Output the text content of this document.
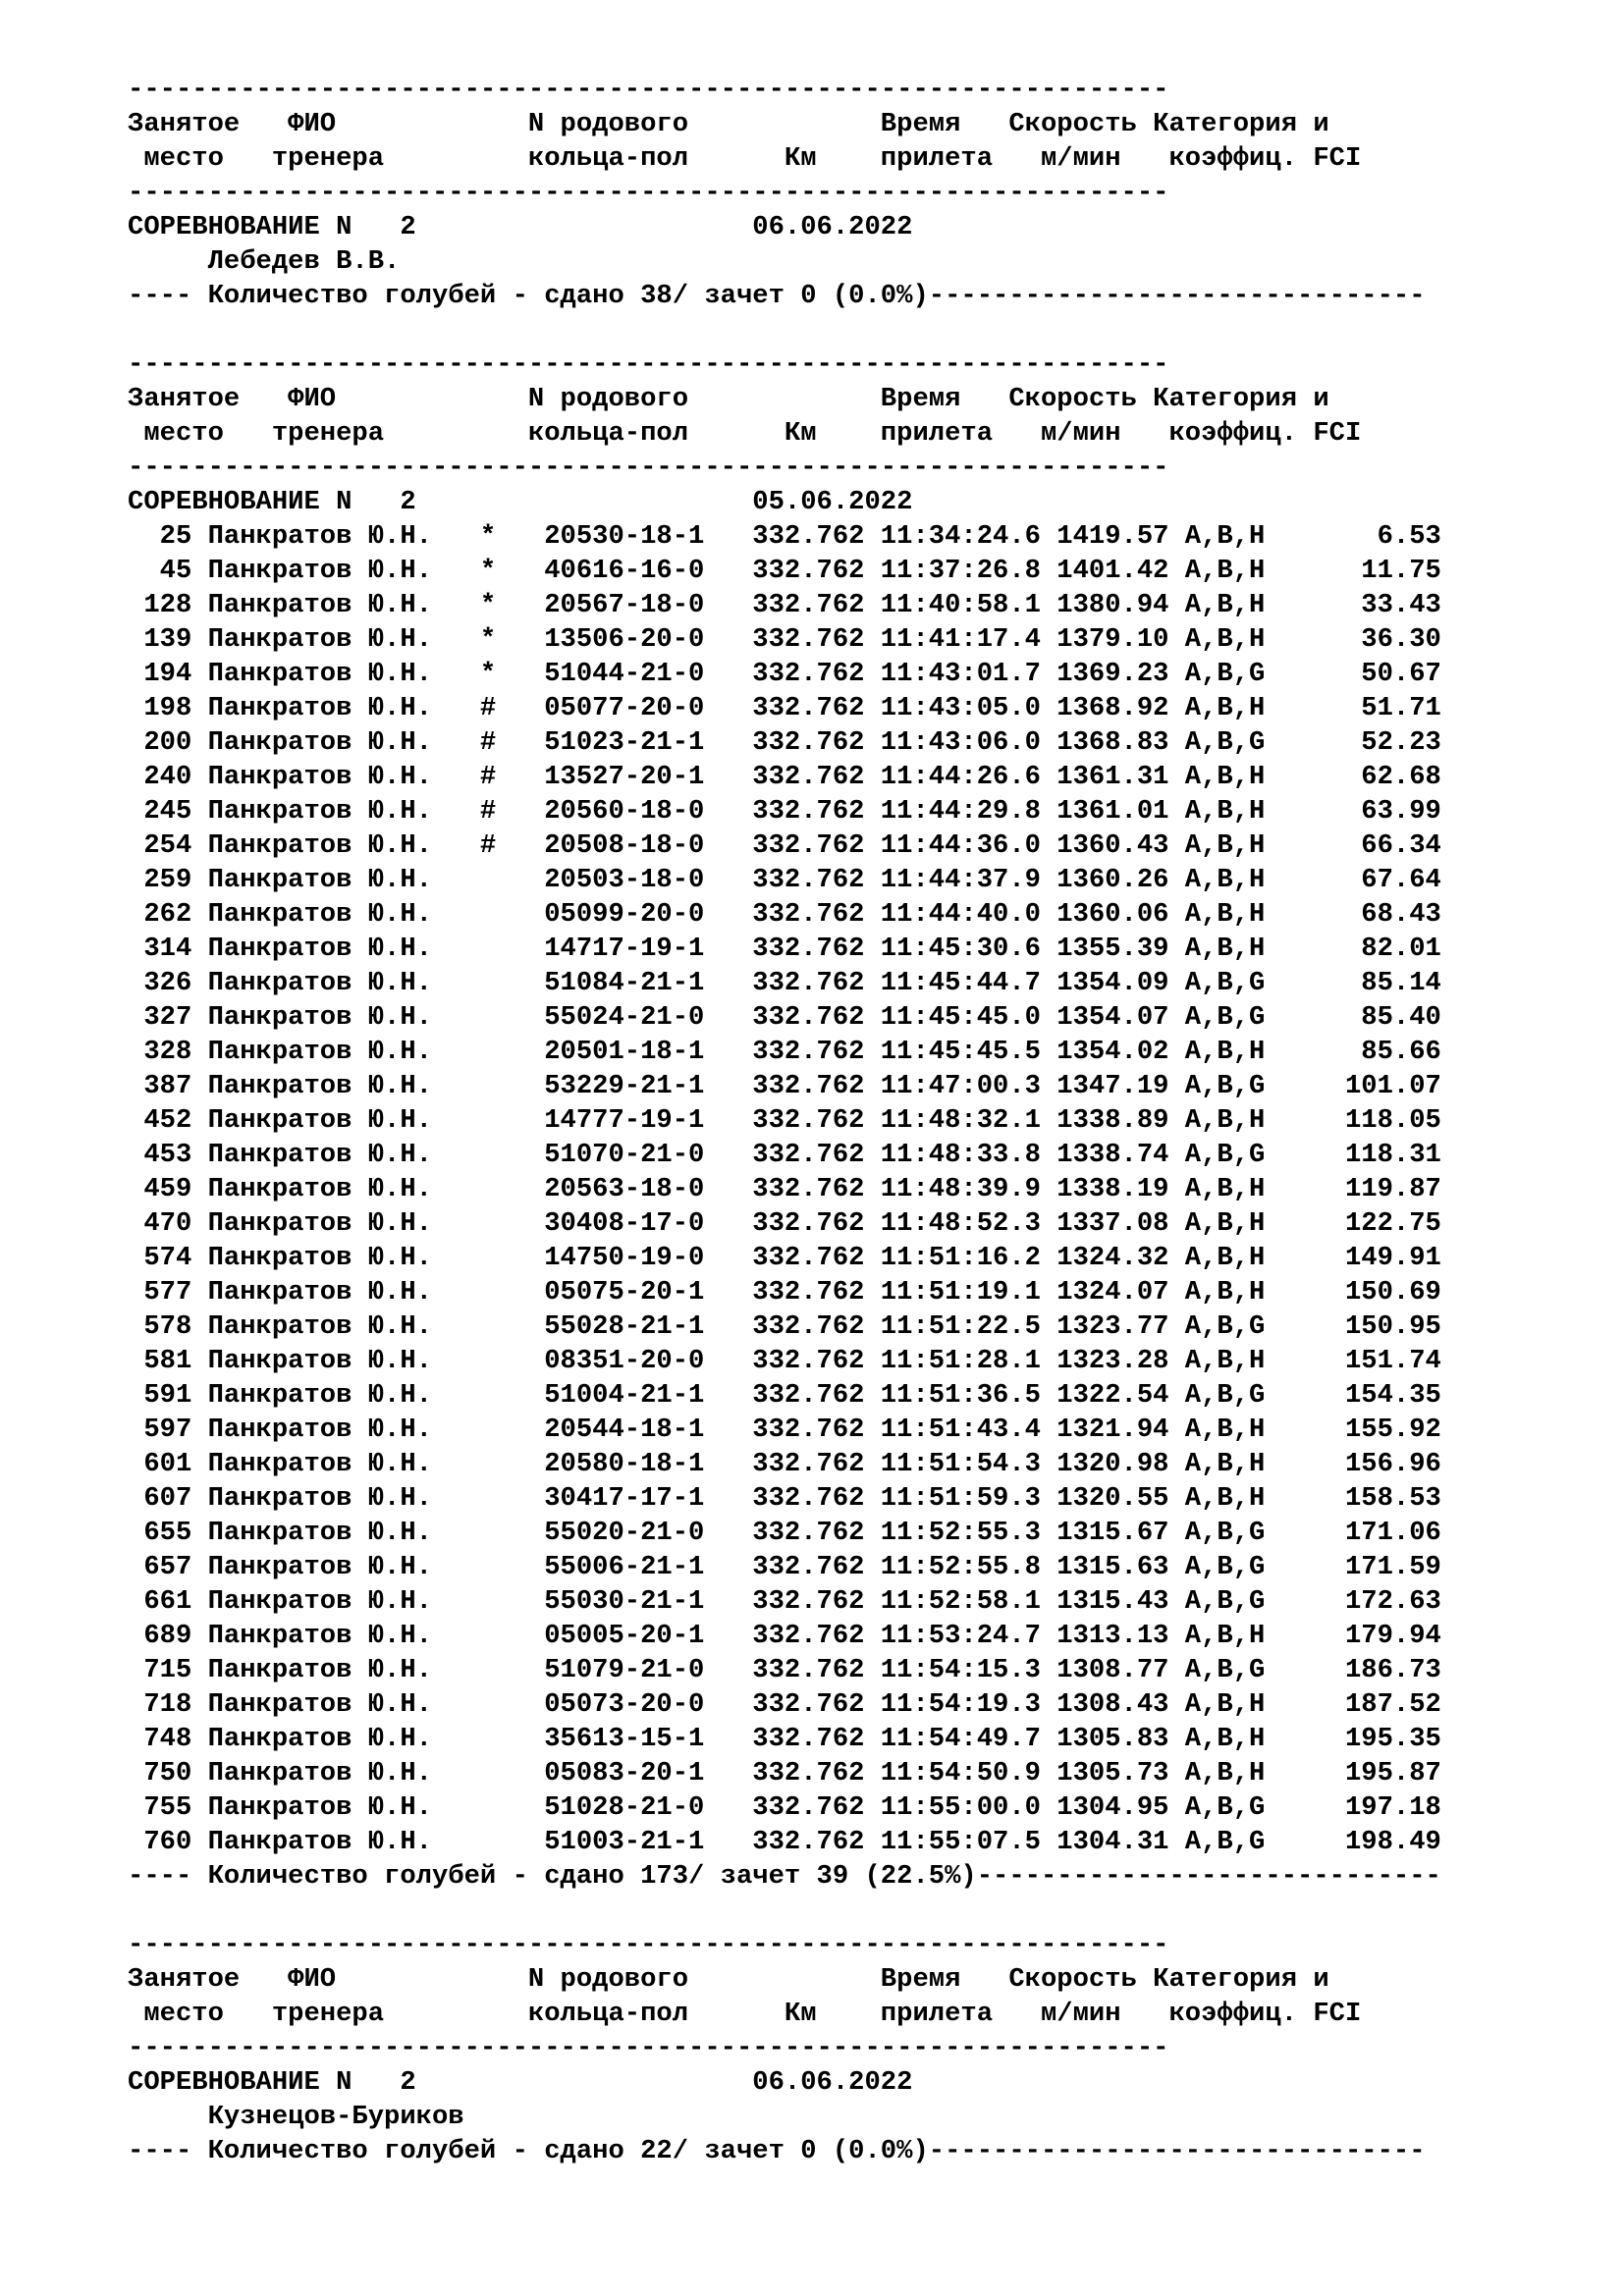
-----------------------------------------------------------------
Занятое   ФИО            N родового            Время   Скорость Категория и
место   тренера         кольца-пол      Км    прилета   м/мин   коэффиц. FCI
-----------------------------------------------------------------
СОРЕВНОВАНИЕ N   2                     06.06.2022
Лебедев В.В.
---- Количество голубей - сдано 38/ зачет 0 (0.0%)-------------------------------
-----------------------------------------------------------------
Занятое   ФИО            N родового            Время   Скорость Категория и
место   тренера         кольца-пол      Км    прилета   м/мин   коэффиц. FCI
-----------------------------------------------------------------
СОРЕВНОВАНИЕ N   2                     05.06.2022
25 Панкратов Ю.Н.   *   20530-18-1   332.762 11:34:24.6 1419.57 A,B,H       6.53
45 Панкратов Ю.Н.   *   40616-16-0   332.762 11:37:26.8 1401.42 A,B,H      11.75
128 Панкратов Ю.Н.   *   20567-18-0   332.762 11:40:58.1 1380.94 A,B,H      33.43
139 Панкратов Ю.Н.   *   13506-20-0   332.762 11:41:17.4 1379.10 A,B,H      36.30
194 Панкратов Ю.Н.   *   51044-21-0   332.762 11:43:01.7 1369.23 A,B,G      50.67
198 Панкратов Ю.Н.   #   05077-20-0   332.762 11:43:05.0 1368.92 A,B,H      51.71
200 Панкратов Ю.Н.   #   51023-21-1   332.762 11:43:06.0 1368.83 A,B,G      52.23
240 Панкратов Ю.Н.   #   13527-20-1   332.762 11:44:26.6 1361.31 A,B,H      62.68
245 Панкратов Ю.Н.   #   20560-18-0   332.762 11:44:29.8 1361.01 A,B,H      63.99
254 Панкратов Ю.Н.   #   20508-18-0   332.762 11:44:36.0 1360.43 A,B,H      66.34
259 Панкратов Ю.Н.       20503-18-0   332.762 11:44:37.9 1360.26 A,B,H      67.64
262 Панкратов Ю.Н.       05099-20-0   332.762 11:44:40.0 1360.06 A,B,H      68.43
314 Панкратов Ю.Н.       14717-19-1   332.762 11:45:30.6 1355.39 A,B,H      82.01
326 Панкратов Ю.Н.       51084-21-1   332.762 11:45:44.7 1354.09 A,B,G      85.14
327 Панкратов Ю.Н.       55024-21-0   332.762 11:45:45.0 1354.07 A,B,G      85.40
328 Панкратов Ю.Н.       20501-18-1   332.762 11:45:45.5 1354.02 A,B,H      85.66
387 Панкратов Ю.Н.       53229-21-1   332.762 11:47:00.3 1347.19 A,B,G     101.07
452 Панкратов Ю.Н.       14777-19-1   332.762 11:48:32.1 1338.89 A,B,H     118.05
453 Панкратов Ю.Н.       51070-21-0   332.762 11:48:33.8 1338.74 A,B,G     118.31
459 Панкратов Ю.Н.       20563-18-0   332.762 11:48:39.9 1338.19 A,B,H     119.87
470 Панкратов Ю.Н.       30408-17-0   332.762 11:48:52.3 1337.08 A,B,H     122.75
574 Панкратов Ю.Н.       14750-19-0   332.762 11:51:16.2 1324.32 A,B,H     149.91
577 Панкратов Ю.Н.       05075-20-1   332.762 11:51:19.1 1324.07 A,B,H     150.69
578 Панкратов Ю.Н.       55028-21-1   332.762 11:51:22.5 1323.77 A,B,G     150.95
581 Панкратов Ю.Н.       08351-20-0   332.762 11:51:28.1 1323.28 A,B,H     151.74
591 Панкратов Ю.Н.       51004-21-1   332.762 11:51:36.5 1322.54 A,B,G     154.35
597 Панкратов Ю.Н.       20544-18-1   332.762 11:51:43.4 1321.94 A,B,H     155.92
601 Панкратов Ю.Н.       20580-18-1   332.762 11:51:54.3 1320.98 A,B,H     156.96
607 Панкратов Ю.Н.       30417-17-1   332.762 11:51:59.3 1320.55 A,B,H     158.53
655 Панкратов Ю.Н.       55020-21-0   332.762 11:52:55.3 1315.67 A,B,G     171.06
657 Панкратов Ю.Н.       55006-21-1   332.762 11:52:55.8 1315.63 A,B,G     171.59
661 Панкратов Ю.Н.       55030-21-1   332.762 11:52:58.1 1315.43 A,B,G     172.63
689 Панкратов Ю.Н.       05005-20-1   332.762 11:53:24.7 1313.13 A,B,H     179.94
715 Панкратов Ю.Н.       51079-21-0   332.762 11:54:15.3 1308.77 A,B,G     186.73
718 Панкратов Ю.Н.       05073-20-0   332.762 11:54:19.3 1308.43 A,B,H     187.52
748 Панкратов Ю.Н.       35613-15-1   332.762 11:54:49.7 1305.83 A,B,H     195.35
750 Панкратов Ю.Н.       05083-20-1   332.762 11:54:50.9 1305.73 A,B,H     195.87
755 Панкратов Ю.Н.       51028-21-0   332.762 11:55:00.0 1304.95 A,B,G     197.18
760 Панкратов Ю.Н.       51003-21-1   332.762 11:55:07.5 1304.31 A,B,G     198.49
---- Количество голубей - сдано 173/ зачет 39 (22.5%)-----------------------------
-----------------------------------------------------------------
Занятое   ФИО            N родового            Время   Скорость Категория и
место   тренера         кольца-пол      Км    прилета   м/мин   коэффиц. FCI
-----------------------------------------------------------------
СОРЕВНОВАНИЕ N   2                     06.06.2022
Кузнецов-Буриков
---- Количество голубей - сдано 22/ зачет 0 (0.0%)-------------------------------
